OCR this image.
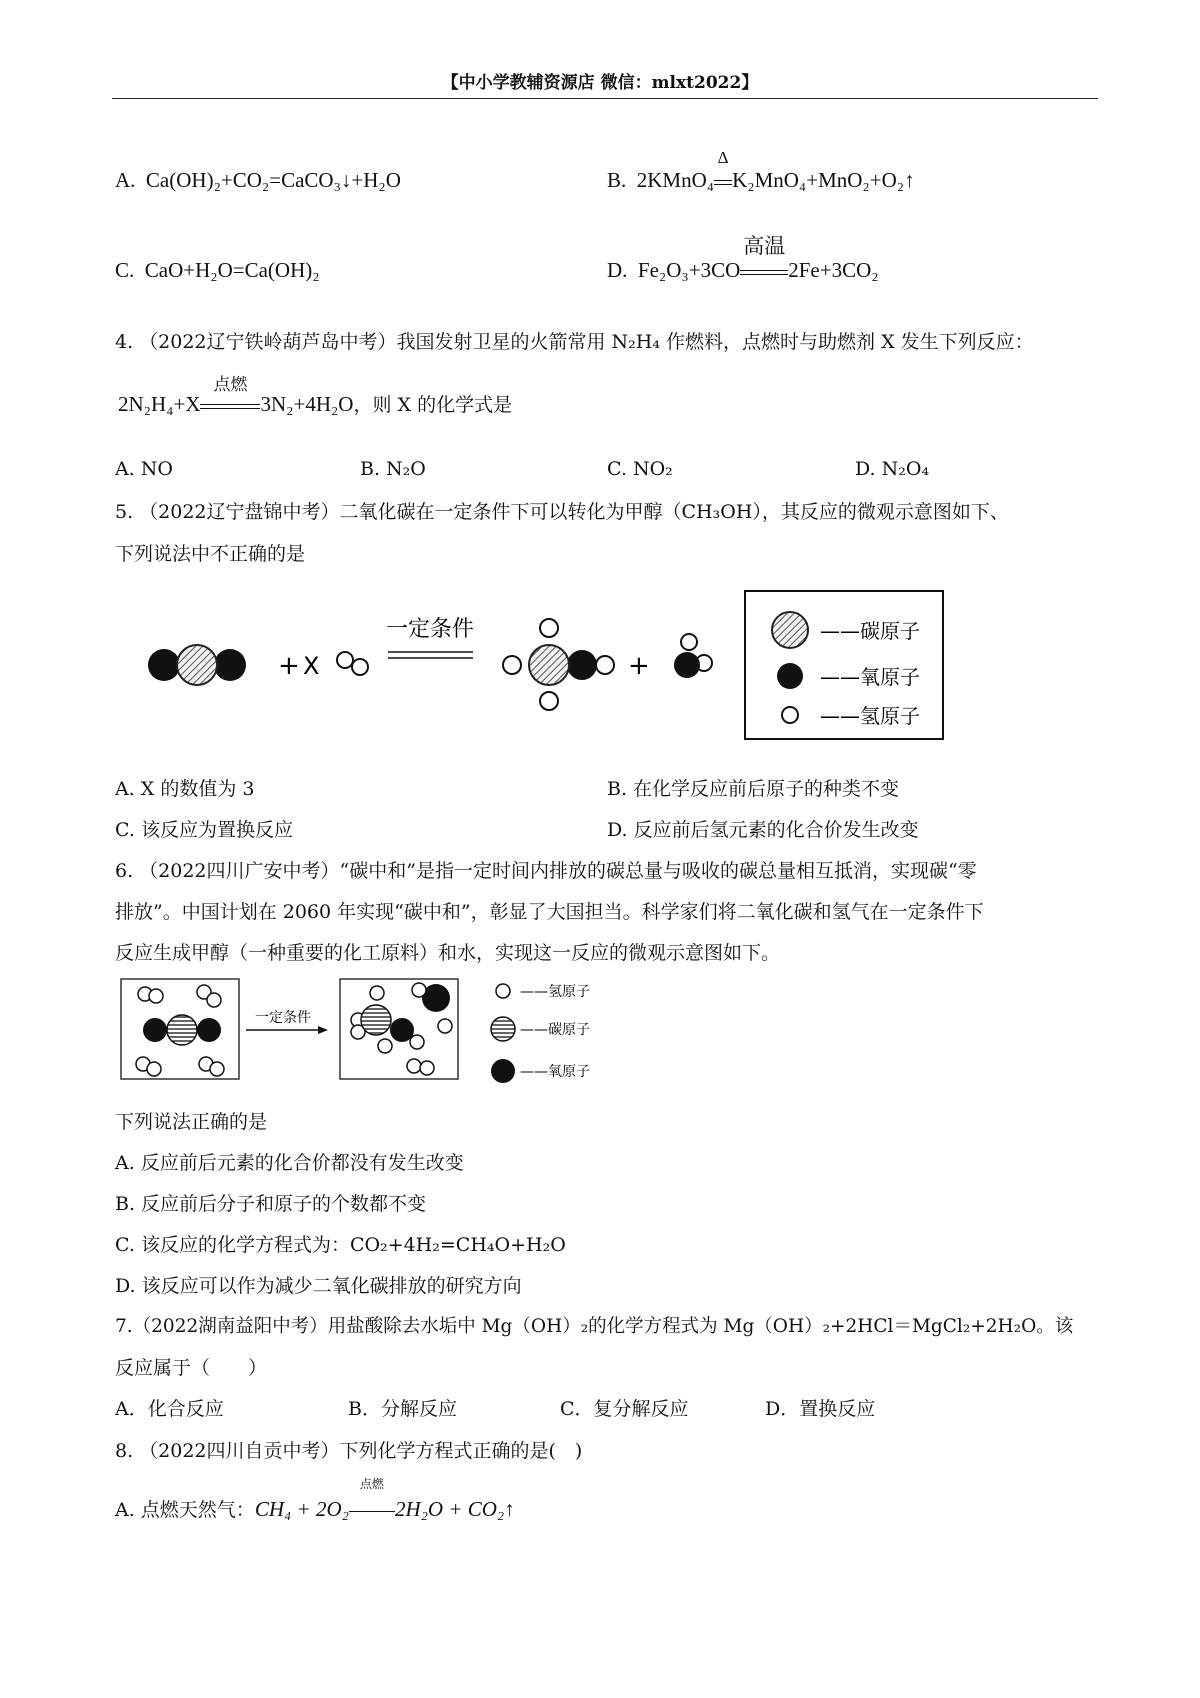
【中小学教辅资源店 微信：mlxt2022】
A. Ca(OH)₂+CO₂=CaCO₃↓+H₂O	B. 2KMnO₄
Δ
K₂MnO₄+MnO₂+O₂↑
C. CaO+H₂O=Ca(OH)₂	D. Fe₂O₃+3CO
高温
2Fe+3CO₂
4. （2022辽宁铁岭葫芦岛中考）我国发射卫星的火箭常用 N₂H₄ 作燃料，点燃时与助燃剂 X 发生下列反应：
2N₂H₄+X
点燃
3N₂+4H₂O，则 X 的化学式是
A. NO	B. N₂O	C. NO₂	D. N₂O₄
5. （2022辽宁盘锦中考）二氧化碳在一定条件下可以转化为甲醇（CH₃OH），其反应的微观示意图如下、
下列说法中不正确的是
+ X
一定条件
+
——碳原子
——氧原子
——氢原子
A. X 的数值为 3	B. 在化学反应前后原子的种类不变
C. 该反应为置换反应	D. 反应前后氢元素的化合价发生改变
6. （2022四川广安中考）“碳中和”是指一定时间内排放的碳总量与吸收的碳总量相互抵消，实现碳“零
排放”。中国计划在 2060 年实现“碳中和”，彰显了大国担当。科学家们将二氧化碳和氢气在一定条件下
反应生成甲醇（一种重要的化工原料）和水，实现这一反应的微观示意图如下。
一定条件
——氢原子
——碳原子
——氧原子
下列说法正确的是
A. 反应前后元素的化合价都没有发生改变
B. 反应前后分子和原子的个数都不变
C. 该反应的化学方程式为：CO₂+4H₂=CH₄O+H₂O
D. 该反应可以作为减少二氧化碳排放的研究方向
7.（2022湖南益阳中考）用盐酸除去水垢中 Mg（OH）₂的化学方程式为 Mg（OH）₂+2HCl＝MgCl₂+2H₂O。该
反应属于（　　）
A．化合反应	B．分解反应	C．复分解反应	D．置换反应
8. （2022四川自贡中考）下列化学方程式正确的是(　)
A. 点燃天然气：CH₄ + 2O₂
点燃
2H₂O + CO₂↑
